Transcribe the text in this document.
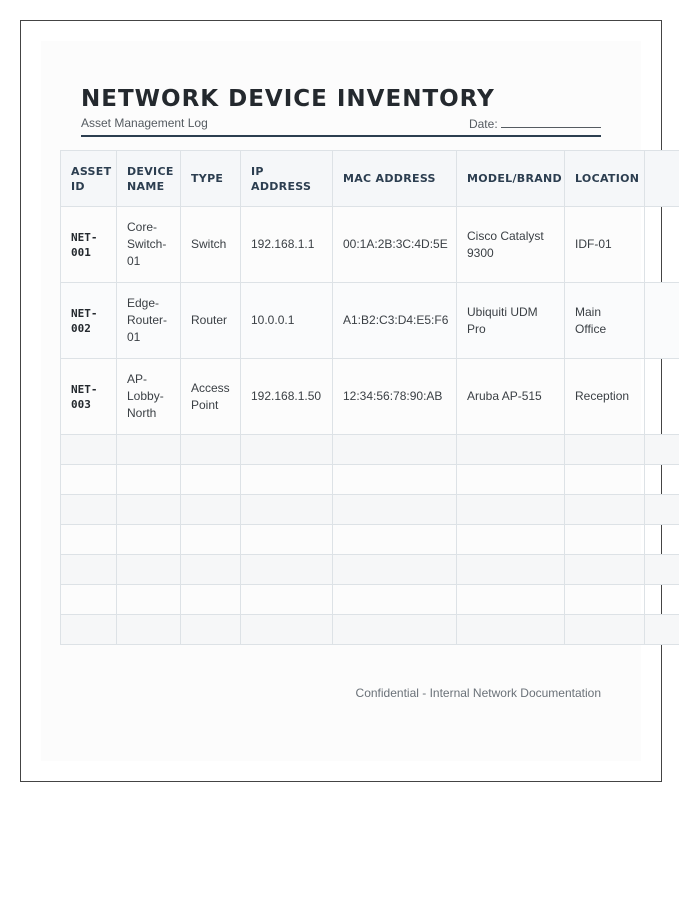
NETWORK DEVICE INVENTORY
Asset Management Log	Date:
ASSET ID	DEVICE NAME	TYPE	IP ADDRESS	MAC ADDRESS	MODEL/BRAND	LOCATION	
NET-001	Core-Switch-01	Switch	192.168.1.1	00:1A:2B:3C:4D:5E	Cisco Catalyst 9300	IDF-01	
NET-002	Edge-Router-01	Router	10.0.0.1	A1:B2:C3:D4:E5:F6	Ubiquiti UDM Pro	Main Office	
NET-003	AP-Lobby-North	Access Point	192.168.1.50	12:34:56:78:90:AB	Aruba AP-515	Reception	

Confidential - Internal Network Documentation
